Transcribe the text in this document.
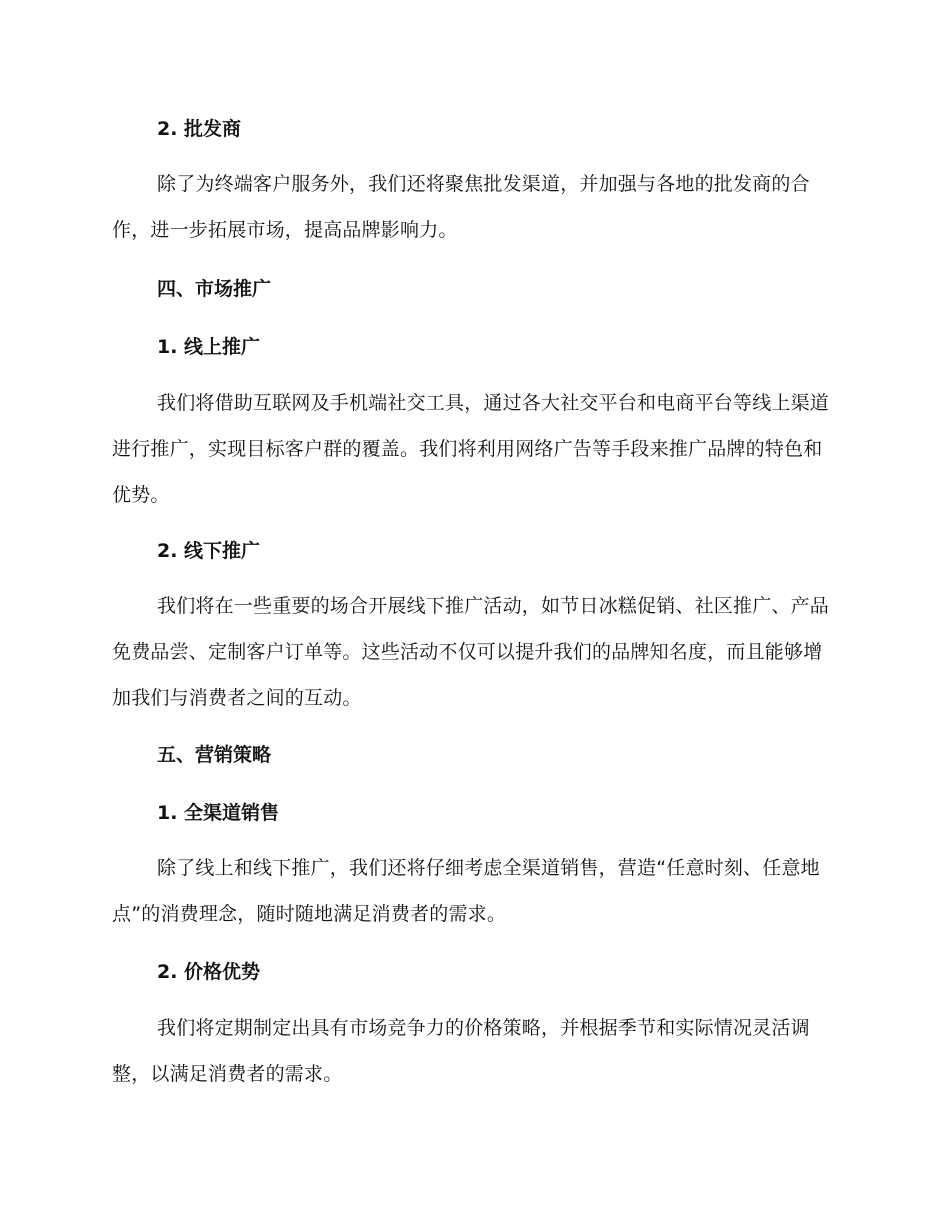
2. 批发商

除了为终端客户服务外，我们还将聚焦批发渠道，并加强与各地的批发商的合作，进一步拓展市场，提高品牌影响力。

四、市场推广
1. 线上推广

我们将借助互联网及手机端社交工具，通过各大社交平台和电商平台等线上渠道进行推广，实现目标客户群的覆盖。我们将利用网络广告等手段来推广品牌的特色和优势。

2. 线下推广

我们将在一些重要的场合开展线下推广活动，如节日冰糕促销、社区推广、产品免费品尝、定制客户订单等。这些活动不仅可以提升我们的品牌知名度，而且能够增加我们与消费者之间的互动。

五、营销策略
1. 全渠道销售

除了线上和线下推广，我们还将仔细考虑全渠道销售，营造“任意时刻、任意地点”的消费理念，随时随地满足消费者的需求。

2. 价格优势

我们将定期制定出具有市场竞争力的价格策略，并根据季节和实际情况灵活调整，以满足消费者的需求。
